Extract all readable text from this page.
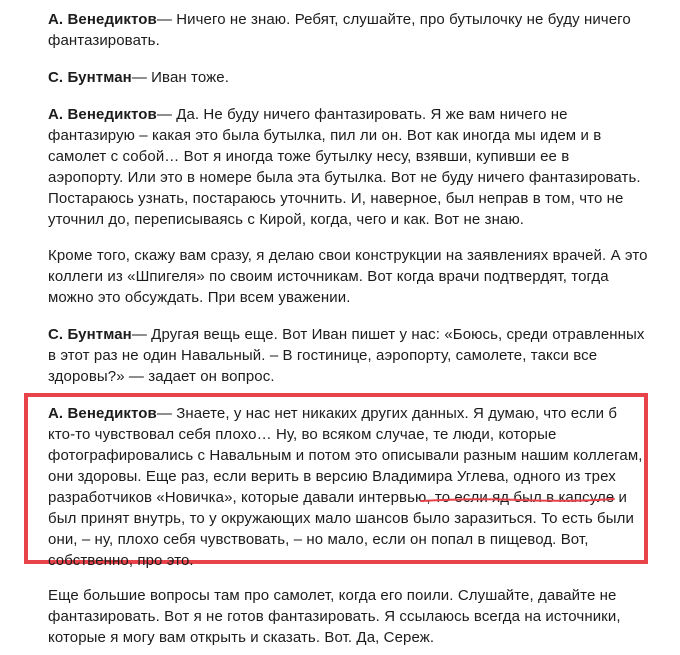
А. Венедиктов— Ничего не знаю. Ребят, слушайте, про бутылочку не буду ничего фантазировать.

С. Бунтман— Иван тоже.

А. Венедиктов— Да. Не буду ничего фантазировать. Я же вам ничего не фантазирую – какая это была бутылка, пил ли он. Вот как иногда мы идем и в самолет с собой… Вот я иногда тоже бутылку несу, взявши, купивши ее в аэропорту. Или это в номере была эта бутылка. Вот не буду ничего фантазировать. Постараюсь узнать, постараюсь уточнить. И, наверное, был неправ в том, что не уточнил до, переписываясь с Кирой, когда, чего и как. Вот не знаю.

Кроме того, скажу вам сразу, я делаю свои конструкции на заявлениях врачей. А это коллеги из «Шпигеля» по своим источникам. Вот когда врачи подтвердят, тогда можно это обсуждать. При всем уважении.

С. Бунтман— Другая вещь еще. Вот Иван пишет у нас: «Боюсь, среди отравленных в этот раз не один Навальный. – В гостинице, аэропорту, самолете, такси все здоровы?» — задает он вопрос.

А. Венедиктов— Знаете, у нас нет никаких других данных. Я думаю, что если б кто-то чувствовал себя плохо… Ну, во всяком случае, те люди, которые фотографировались с Навальным и потом это описывали разным нашим коллегам, они здоровы. Еще раз, если верить в версию Владимира Углева, одного из трех разработчиков «Новичка», которые давали интервью, то если яд был в капсуле и был принят внутрь, то у окружающих мало шансов было заразиться. То есть были они, – ну, плохо себя чувствовать, – но мало, если он попал в пищевод. Вот, собственно, про это.

Еще большие вопросы там про самолет, когда его поили. Слушайте, давайте не фантазировать. Вот я не готов фантазировать. Я ссылаюсь всегда на источники, которые я могу вам открыть и сказать. Вот. Да, Сереж.
